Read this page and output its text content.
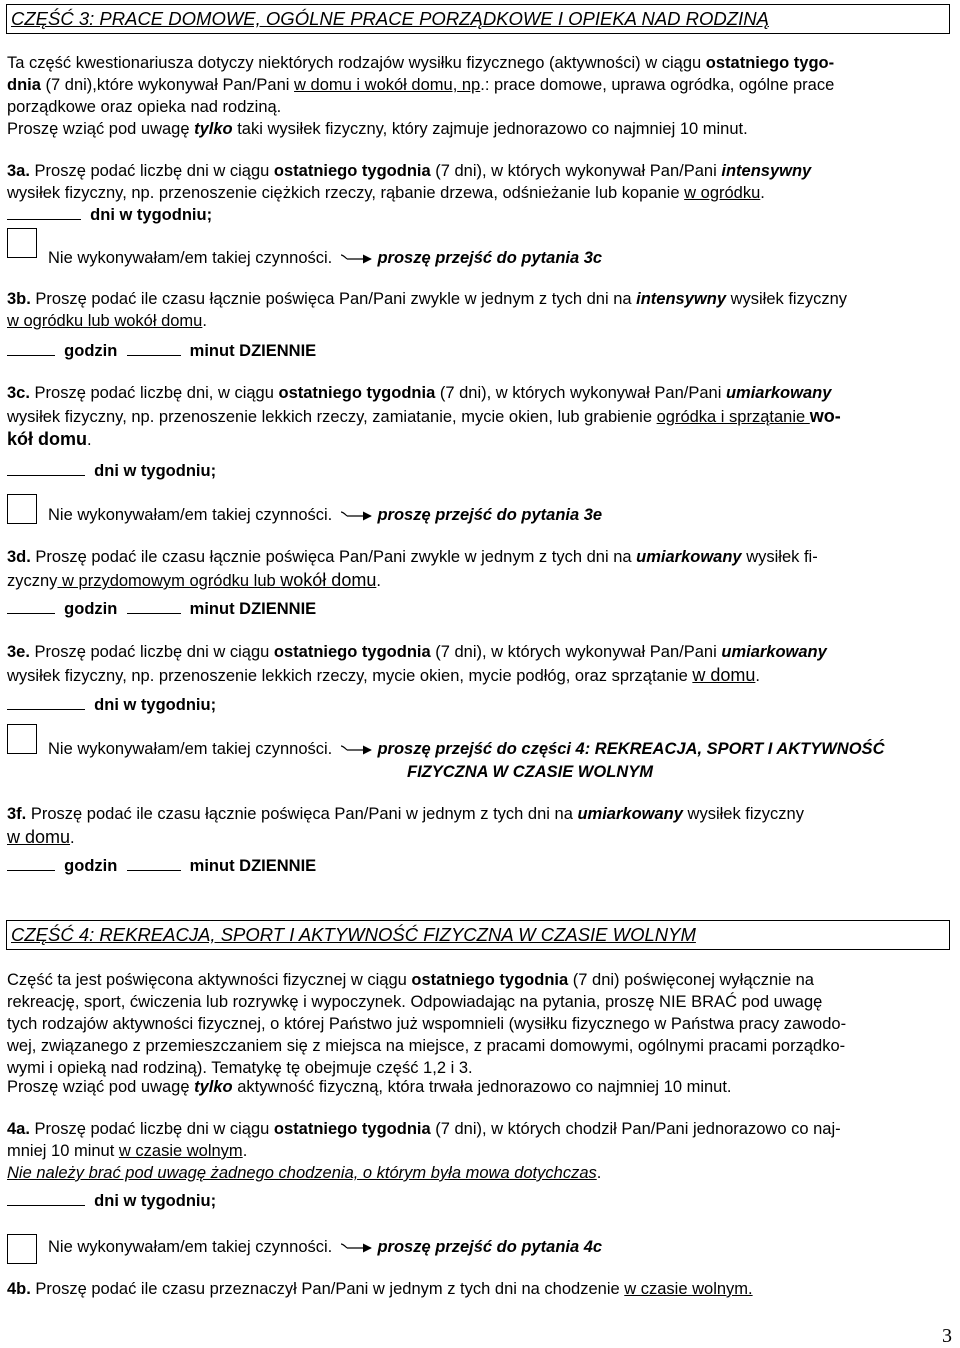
CZĘŚĆ 3: PRACE DOMOWE, OGÓLNE PRACE PORZĄDKOWE I OPIEKA NAD RODZINĄ
Ta część kwestionariusza dotyczy niektórych rodzajów wysiłku fizycznego (aktywności) w ciągu ostatniego tygo-
dnia (7 dni),które wykonywał Pan/Pani w domu i wokół domu, np.: prace domowe, uprawa ogródka, ogólne prace
porządkowe oraz opieka nad rodziną.
Proszę wziąć pod uwagę tylko taki wysiłek fizyczny, który zajmuje jednorazowo co najmniej 10 minut.
3a. Proszę podać liczbę dni w ciągu ostatniego tygodnia (7 dni), w których wykonywał Pan/Pani intensywny
wysiłek fizyczny, np. przenoszenie ciężkich rzeczy, rąbanie drzewa, odśnieżanie lub kopanie w ogródku.
dni w tygodniu;
Nie wykonywałam/em takiej czynności.	proszę przejść do pytania 3c
3b. Proszę podać ile czasu łącznie poświęca Pan/Pani zwykle w jednym z tych dni na intensywny wysiłek fizyczny
w ogródku lub wokół domu.
godzin	minut DZIENNIE
3c. Proszę podać liczbę dni, w ciągu ostatniego tygodnia (7 dni), w których wykonywał Pan/Pani umiarkowany
wysiłek fizyczny, np. przenoszenie lekkich rzeczy, zamiatanie, mycie okien, lub grabienie ogródka i sprzątanie wo-
kół domu.
dni w tygodniu;
Nie wykonywałam/em takiej czynności.	proszę przejść do pytania 3e
3d. Proszę podać ile czasu łącznie poświęca Pan/Pani zwykle w jednym z tych dni na umiarkowany wysiłek fi-
zyczny w przydomowym ogródku lub wokół domu.
godzin	minut DZIENNIE
3e. Proszę podać liczbę dni w ciągu ostatniego tygodnia (7 dni), w których wykonywał Pan/Pani umiarkowany
wysiłek fizyczny, np. przenoszenie lekkich rzeczy, mycie okien, mycie podłóg, oraz sprzątanie w domu.
dni w tygodniu;
Nie wykonywałam/em takiej czynności.	proszę przejść do części 4: REKREACJA, SPORT I AKTYWNOŚĆ
FIZYCZNA W CZASIE WOLNYM
3f. Proszę podać ile czasu łącznie poświęca Pan/Pani w jednym z tych dni na umiarkowany wysiłek fizyczny
w domu.
godzin	minut DZIENNIE
CZĘŚĆ 4: REKREACJA, SPORT I AKTYWNOŚĆ FIZYCZNA W CZASIE WOLNYM
Część ta jest poświęcona aktywności fizycznej w ciągu ostatniego tygodnia (7 dni) poświęconej wyłącznie na
rekreację, sport, ćwiczenia lub rozrywkę i wypoczynek. Odpowiadając na pytania, proszę NIE BRAĆ pod uwagę
tych rodzajów aktywności fizycznej, o której Państwo już wspomnieli (wysiłku fizycznego w Państwa pracy zawodo-
wej, związanego z przemieszczaniem się z miejsca na miejsce, z pracami domowymi, ogólnymi pracami porządko-
wymi i opieką nad rodziną). Tematykę tę obejmuje część 1,2 i 3.
Proszę wziąć pod uwagę tylko aktywność fizyczną, która trwała jednorazowo co najmniej 10 minut.
4a. Proszę podać liczbę dni w ciągu ostatniego tygodnia (7 dni), w których chodził Pan/Pani jednorazowo co naj-
mniej 10 minut w czasie wolnym.
Nie należy brać pod uwagę żadnego chodzenia, o którym była mowa dotychczas.
dni w tygodniu;
Nie wykonywałam/em takiej czynności.	proszę przejść do pytania 4c
4b. Proszę podać ile czasu przeznaczył Pan/Pani w jednym z tych dni na chodzenie w czasie wolnym.
3
